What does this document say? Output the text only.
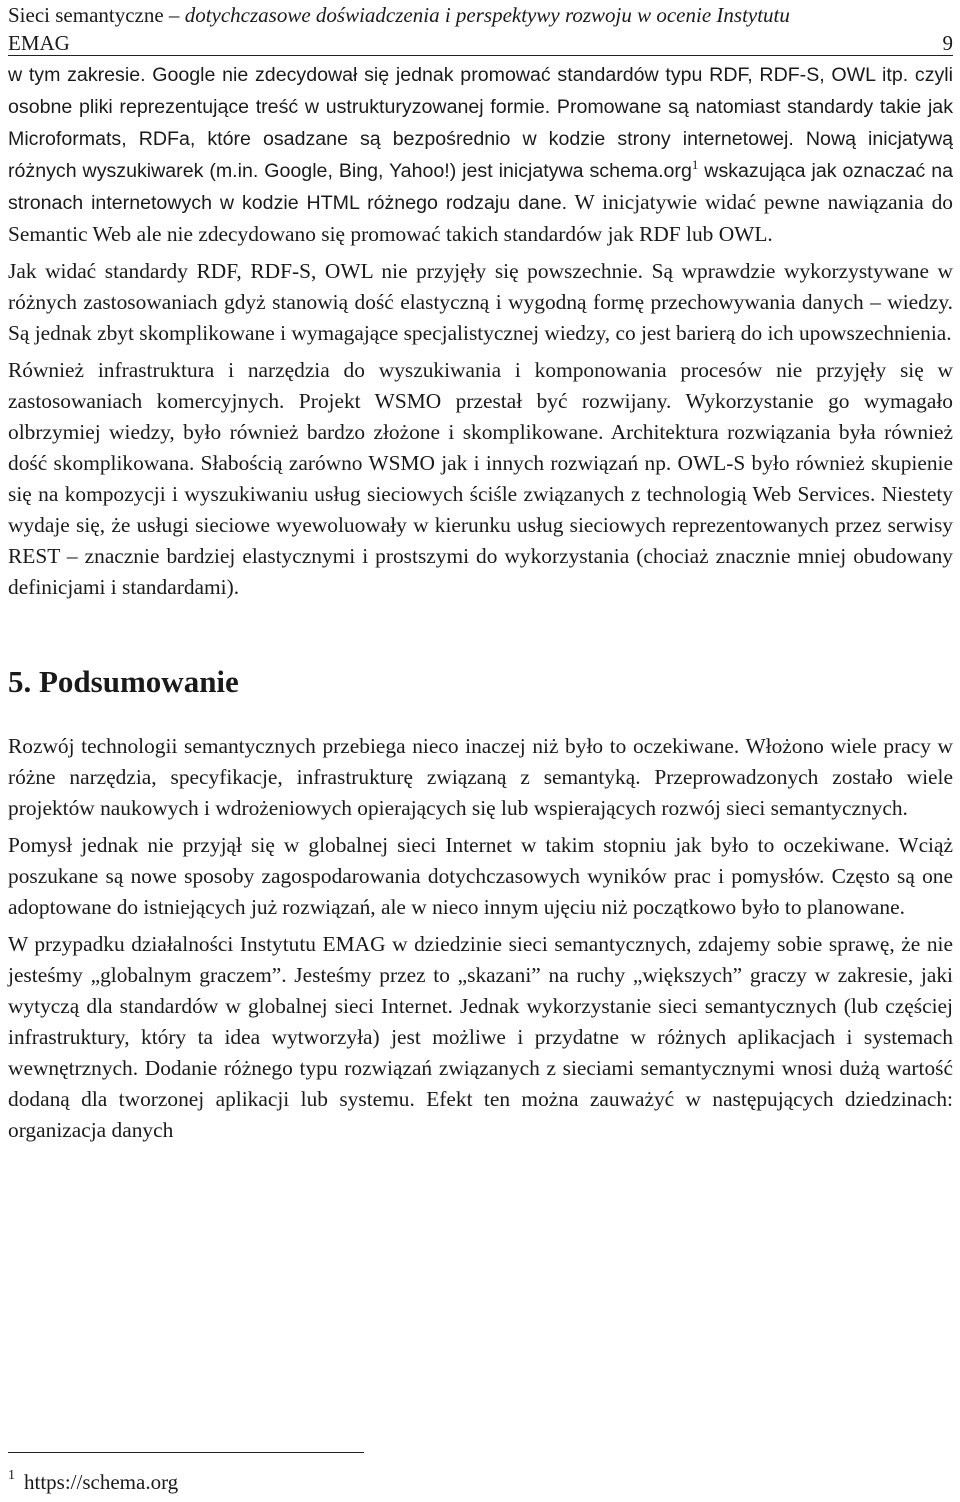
Sieci semantyczne – dotychczasowe doświadczenia i perspektywy rozwoju w ocenie Instytutu
EMAG	9

w tym zakresie. Google nie zdecydował się jednak promować standardów typu RDF, RDF-S, OWL itp. czyli osobne pliki reprezentujące treść w ustrukturyzowanej formie. Promowane są natomiast standardy takie jak Microformats, RDFa, które osadzane są bezpośrednio w kodzie strony internetowej. Nową inicjatywą różnych wyszukiwarek (m.in. Google, Bing, Yahoo!) jest inicjatywa schema.org$^1$ wskazująca jak oznaczać na stronach internetowych w kodzie HTML różnego rodzaju dane. W inicjatywie widać pewne nawiązania do Semantic Web ale nie zdecydowano się promować takich standardów jak RDF lub OWL.

Jak widać standardy RDF, RDF-S, OWL nie przyjęły się powszechnie. Są wprawdzie wykorzystywane w różnych zastosowaniach gdyż stanowią dość elastyczną i wygodną formę przechowywania danych – wiedzy. Są jednak zbyt skomplikowane i wymagające specjalistycznej wiedzy, co jest barierą do ich upowszechnienia.

Również infrastruktura i narzędzia do wyszukiwania i komponowania procesów nie przyjęły się w zastosowaniach komercyjnych. Projekt WSMO przestał być rozwijany. Wykorzystanie go wymagało olbrzymiej wiedzy, było również bardzo złożone i skomplikowane. Architektura rozwiązania była również dość skomplikowana. Słabością zarówno WSMO jak i innych rozwiązań np. OWL-S było również skupienie się na kompozycji i wyszukiwaniu usług sieciowych ściśle związanych z technologią Web Services. Niestety wydaje się, że usługi sieciowe wyewoluowały w kierunku usług sieciowych reprezentowanych przez serwisy REST – znacznie bardziej elastycznymi i prostszymi do wykorzystania (chociaż znacznie mniej obudowany definicjami i standardami).

5. Podsumowanie

Rozwój technologii semantycznych przebiega nieco inaczej niż było to oczekiwane. Włożono wiele pracy w różne narzędzia, specyfikacje, infrastrukturę związaną z semantyką. Przeprowadzonych zostało wiele projektów naukowych i wdrożeniowych opierających się lub wspierających rozwój sieci semantycznych.

Pomysł jednak nie przyjął się w globalnej sieci Internet w takim stopniu jak było to oczekiwane. Wciąż poszukane są nowe sposoby zagospodarowania dotychczasowych wyników prac i pomysłów. Często są one adoptowane do istniejących już rozwiązań, ale w nieco innym ujęciu niż początkowo było to planowane.

W przypadku działalności Instytutu EMAG w dziedzinie sieci semantycznych, zdajemy sobie sprawę, że nie jesteśmy „globalnym graczem”. Jesteśmy przez to „skazani” na ruchy „większych” graczy w zakresie, jaki wytyczą dla standardów w globalnej sieci Internet. Jednak wykorzystanie sieci semantycznych (lub częściej infrastruktury, który ta idea wytworzyła) jest możliwe i przydatne w różnych aplikacjach i systemach wewnętrznych. Dodanie różnego typu rozwiązań związanych z sieciami semantycznymi wnosi dużą wartość dodaną dla tworzonej aplikacji lub systemu. Efekt ten można zauważyć w następujących dziedzinach: organizacja danych

1 https://schema.org
